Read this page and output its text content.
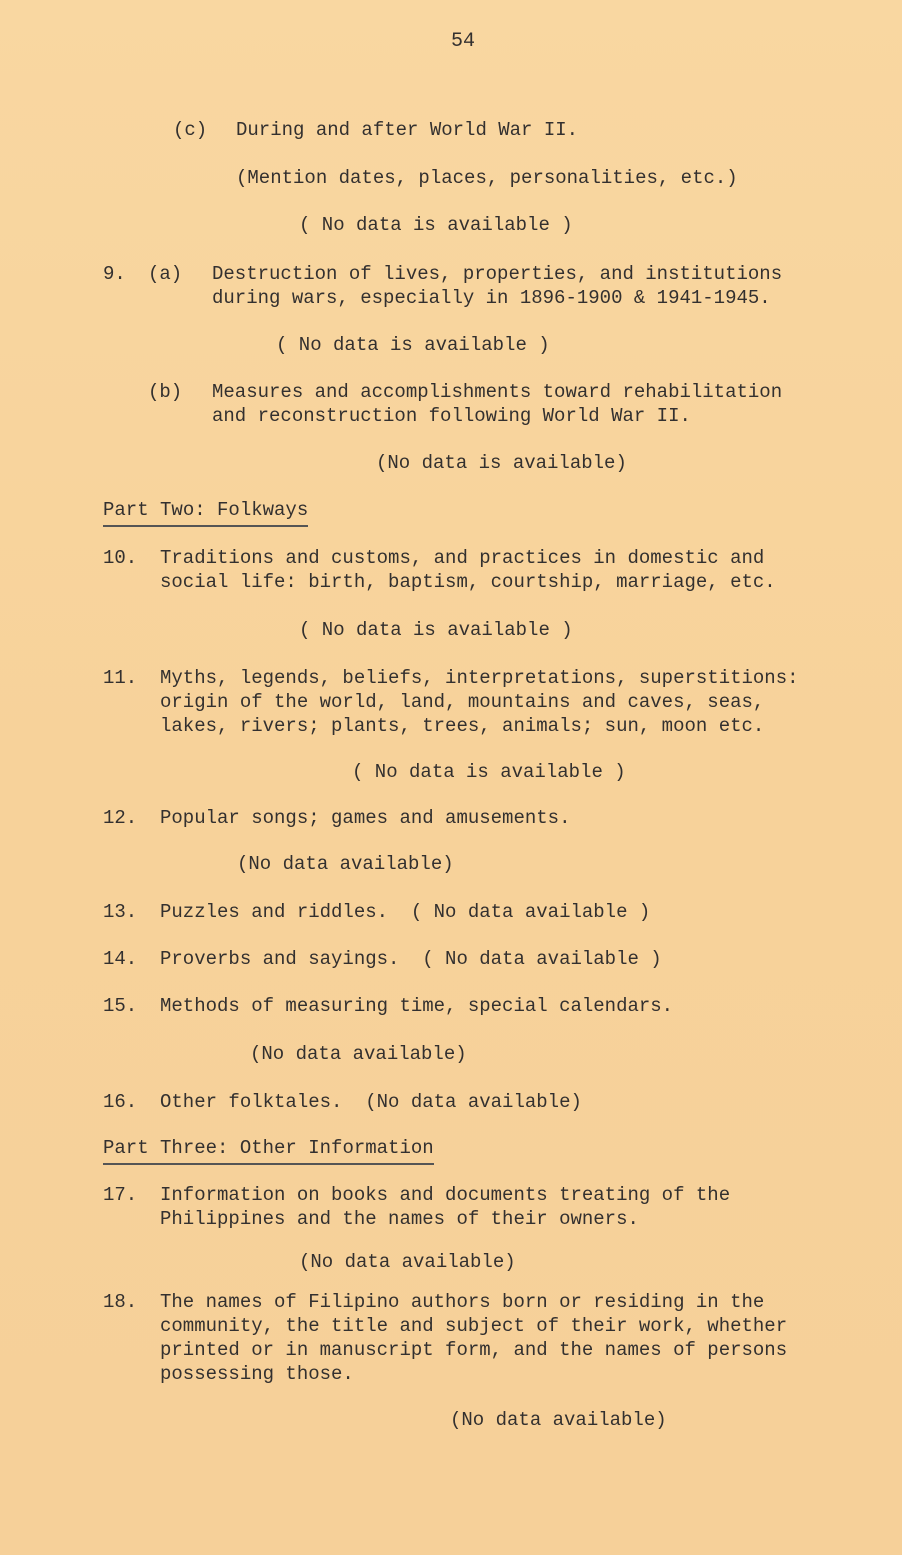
54
(c) During and after World War II.
(Mention dates, places, personalities, etc.)
( No data is available )
9. (a) Destruction of lives, properties, and institutions
during wars, especially in 1896-1900 & 1941-1945.
( No data is available )
(b) Measures and accomplishments toward rehabilitation
and reconstruction following World War II.
(No data is available)
Part Two: Folkways
10. Traditions and customs, and practices in domestic and
social life: birth, baptism, courtship, marriage, etc.
( No data is available )
11. Myths, legends, beliefs, interpretations, superstitions:
origin of the world, land, mountains and caves, seas,
lakes, rivers; plants, trees, animals; sun, moon etc.
( No data is available )
12. Popular songs; games and amusements.
(No data available)
13. Puzzles and riddles.  ( No data available )
14. Proverbs and sayings.  ( No data available )
15. Methods of measuring time, special calendars.
(No data available)
16. Other folktales.  (No data available)
Part Three: Other Information
17. Information on books and documents treating of the
Philippines and the names of their owners.
(No data available)
18. The names of Filipino authors born or residing in the
community, the title and subject of their work, whether
printed or in manuscript form, and the names of persons
possessing those.
(No data available)
